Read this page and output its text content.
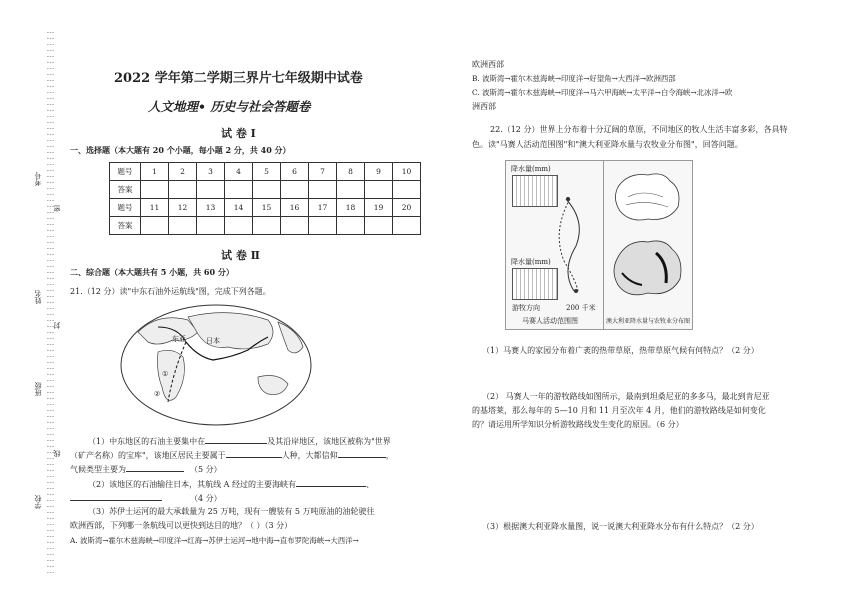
---
---
---
---
---
---
---
---
---
---
---
---
---
---
---
---
---
---
---
---
---
---
---
---
---
---
---
---
---
---
---
---
---
---
---
---
---
---
---
---
---
---
---
---
---
---
---
---
---
---
---
---
---
---
---
---
---
---
---
---
---
---
---
---
---
---
---
---
---
---
---
---
---
---
---
---
---
---
---
---
---
---
---
---
---
---
---
---
---
---
---
考号
密
姓名
封
班级
线
学校
2022 学年第二学期三界片七年级期中试卷
人文地理• 历史与社会答题卷
试 卷 I
一、选择题（本大题有 20 个小题，每小题 2 分，共 40 分）
题号	1	2	3	4	5	6	7	8	9	10
答案										
题号	11	12	13	14	15	16	17	18	19	20
答案										
试 卷 Ⅱ
二、综合题（本大题共有 5 小题，共 60 分）
21.（12 分）读"中东石油外运航线"图，完成下列各题。
东亚	日本
①
②
（1）中东地区的石油主要集中在	及其沿岸地区，该地区被称为"世界
（矿产名称）的宝库"，该地区居民主要属于	人种，大都信仰	，
气候类型主要为	（5 分）
（2）该地区的石油输往日本，其航线 A 经过的主要海峡有	、
（4 分）
（3）苏伊士运河的最大承载量为 25 万吨，现有一艘装有 5 万吨原油的油轮驶往
欧洲西部，下列哪一条航线可以更快到达目的地？（ ）（3 分）
A. 波斯湾→霍尔木兹海峡→印度洋→红海→苏伊士运河→地中海→直布罗陀海峡→大西洋→
欧洲西部
B. 波斯湾→霍尔木兹海峡→印度洋→好望角→大西洋→欧洲西部
C. 波斯湾→霍尔木兹海峡→印度洋→马六甲海峡→太平洋→白令海峡→北冰洋→欧
洲西部
22.（12 分）世界上分布着十分辽阔的草原，不同地区的牧人生活丰富多彩，各具特
色。读"马赛人活动范围图"和"澳大利亚降水量与农牧业分布图"，回答问题。
降水量(mm)
降水量(mm)
游牧方向	200 千米
马赛人活动范围图	澳大利亚降水量与农牧业分布图
（1）马赛人的家园分布着广袤的热带草原，热带草原气候有何特点？（2 分）
（2） 马赛人一年的游牧路线如图所示，最南到坦桑尼亚的多多马，最北到肯尼亚
的基塔莱，那么每年的 5—10 月和 11 月至次年 4 月，他们的游牧路线是如何变化
的？请运用所学知识分析游牧路线发生变化的原因。（6 分）
（3）根据澳大利亚降水量图，说一说澳大利亚降水分布有什么特点？（2 分）
